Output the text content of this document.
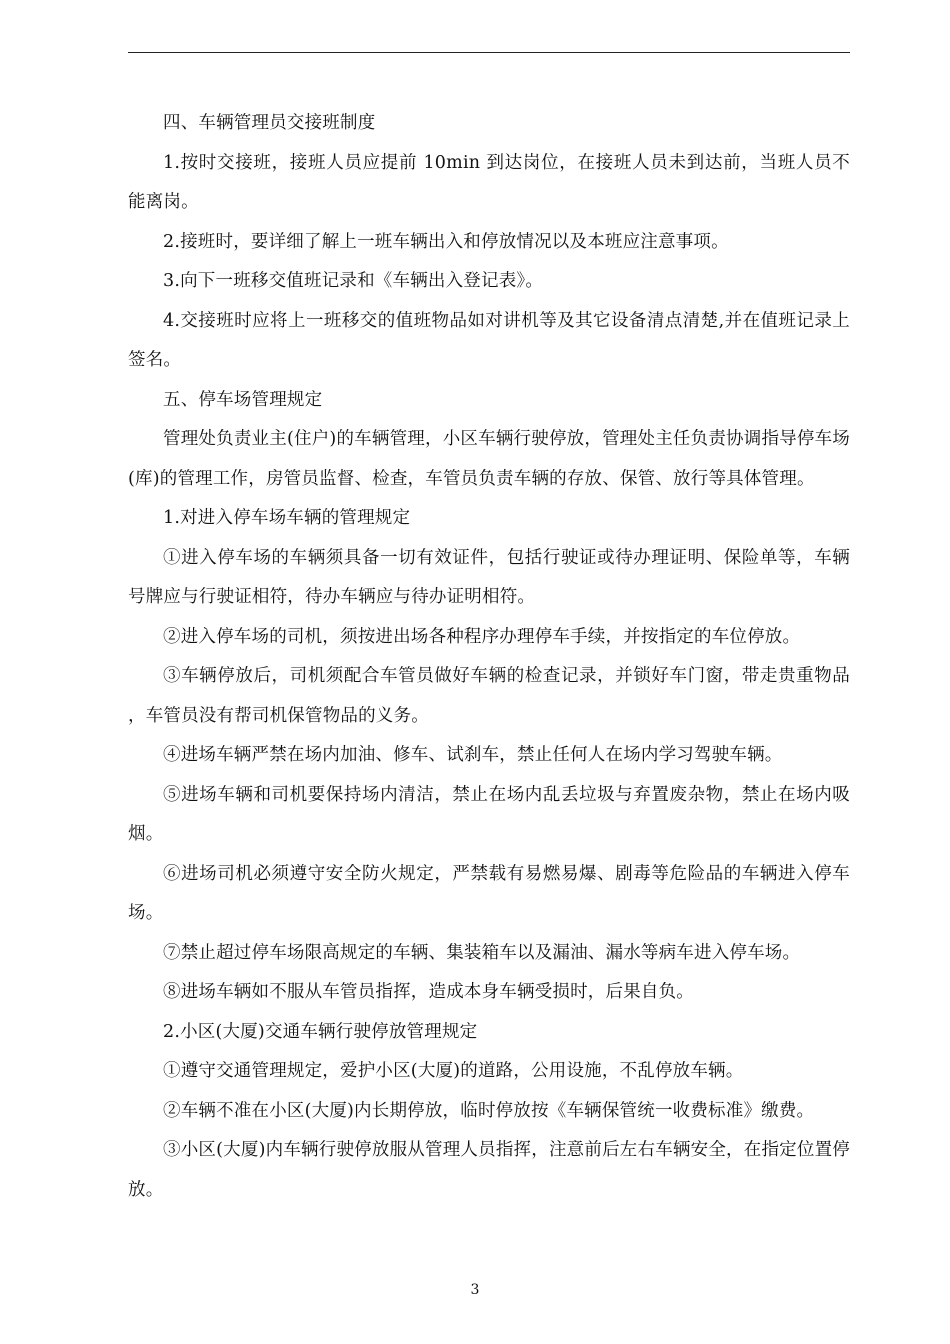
四、车辆管理员交接班制度

1.按时交接班，接班人员应提前 10min 到达岗位，在接班人员未到达前，当班人员不能离岗。

2.接班时，要详细了解上一班车辆出入和停放情况以及本班应注意事项。

3.向下一班移交值班记录和《车辆出入登记表》。

4.交接班时应将上一班移交的值班物品如对讲机等及其它设备清点清楚,并在值班记录上签名。

五、停车场管理规定

管理处负责业主(住户)的车辆管理，小区车辆行驶停放，管理处主任负责协调指导停车场(库)的管理工作，房管员监督、检查，车管员负责车辆的存放、保管、放行等具体管理。

1.对进入停车场车辆的管理规定

①进入停车场的车辆须具备一切有效证件，包括行驶证或待办理证明、保险单等，车辆 号牌应与行驶证相符，待办车辆应与待办证明相符。

②进入停车场的司机，须按进出场各种程序办理停车手续，并按指定的车位停放。

③车辆停放后，司机须配合车管员做好车辆的检查记录，并锁好车门窗，带走贵重物品 ，车管员没有帮司机保管物品的义务。

④进场车辆严禁在场内加油、修车、试刹车，禁止任何人在场内学习驾驶车辆。

⑤进场车辆和司机要保持场内清洁，禁止在场内乱丢垃圾与弃置废杂物，禁止在场内吸 烟。

⑥进场司机必须遵守安全防火规定，严禁载有易燃易爆、剧毒等危险品的车辆进入停车 场。

⑦禁止超过停车场限高规定的车辆、集装箱车以及漏油、漏水等病车进入停车场。

⑧进场车辆如不服从车管员指挥，造成本身车辆受损时，后果自负。

2.小区(大厦)交通车辆行驶停放管理规定

①遵守交通管理规定，爱护小区(大厦)的道路，公用设施，不乱停放车辆。

②车辆不准在小区(大厦)内长期停放，临时停放按《车辆保管统一收费标准》缴费。

③小区(大厦)内车辆行驶停放服从管理人员指挥，注意前后左右车辆安全，在指定位置停放。

3
